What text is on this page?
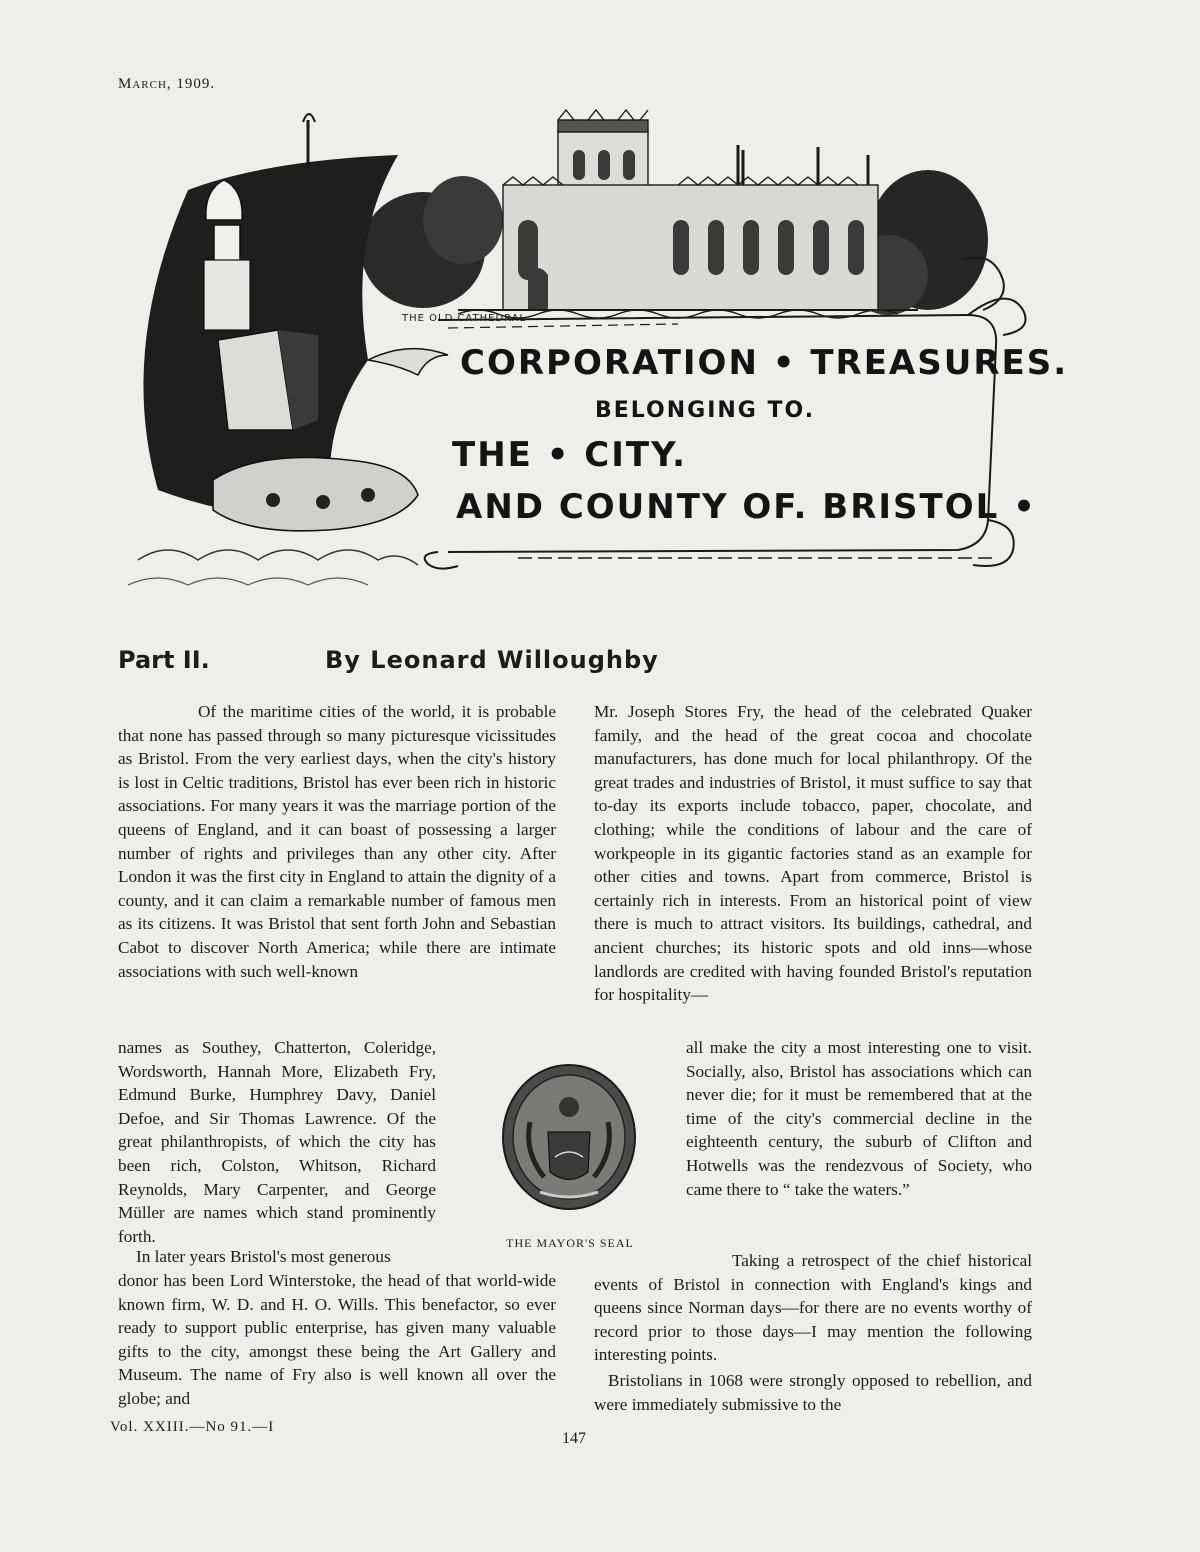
March, 1909.
THE OLD CATHEDRAL
CORPORATION • TREASURES.
BELONGING TO.
THE • CITY.
AND COUNTY OF. BRISTOL •
Part II.	By Leonard Willoughby

Of the maritime cities of the world, it is probable that none has passed through so many picturesque vicissitudes as Bristol. From the very earliest days, when the city's history is lost in Celtic traditions, Bristol has ever been rich in historic associations. For many years it was the marriage portion of the queens of England, and it can boast of possessing a larger number of rights and privileges than any other city. After London it was the first city in England to attain the dignity of a county, and it can claim a remarkable number of famous men as its citizens. It was Bristol that sent forth John and Sebastian Cabot to discover North America; while there are intimate associations with such well-known

names as Southey, Chatterton, Coleridge, Wordsworth, Hannah More, Elizabeth Fry, Edmund Burke, Humphrey Davy, Daniel Defoe, and Sir Thomas Lawrence. Of the great philanthropists, of which the city has been rich, Colston, Whitson, Richard Reynolds, Mary Carpenter, and George Müller are names which stand prominently forth.

In later years Bristol's most generous

donor has been Lord Winterstoke, the head of that world-wide known firm, W. D. and H. O. Wills. This benefactor, so ever ready to support public enterprise, has given many valuable gifts to the city, amongst these being the Art Gallery and Museum. The name of Fry also is well known all over the globe; and

Mr. Joseph Stores Fry, the head of the celebrated Quaker family, and the head of the great cocoa and chocolate manufacturers, has done much for local philanthropy. Of the great trades and industries of Bristol, it must suffice to say that to-day its exports include tobacco, paper, chocolate, and clothing; while the conditions of labour and the care of workpeople in its gigantic factories stand as an example for other cities and towns. Apart from commerce, Bristol is certainly rich in interests. From an historical point of view there is much to attract visitors. Its buildings, cathedral, and ancient churches; its historic spots and old inns—whose landlords are credited with having founded Bristol's reputation for hospitality—

all make the city a most interesting one to visit. Socially, also, Bristol has associations which can never die; for it must be remembered that at the time of the city's commercial decline in the eighteenth century, the suburb of Clifton and Hotwells was the rendezvous of Society, who came there to “ take the waters.”

Taking a retrospect of the chief historical events of Bristol in connection with England's kings and queens since Norman days—for there are no events worthy of record prior to those days—I may mention the following interesting points.

Bristolians in 1068 were strongly opposed to rebellion, and were immediately submissive to the

THE MAYOR'S SEAL
Vol. XXIII.—No 91.—I
147
